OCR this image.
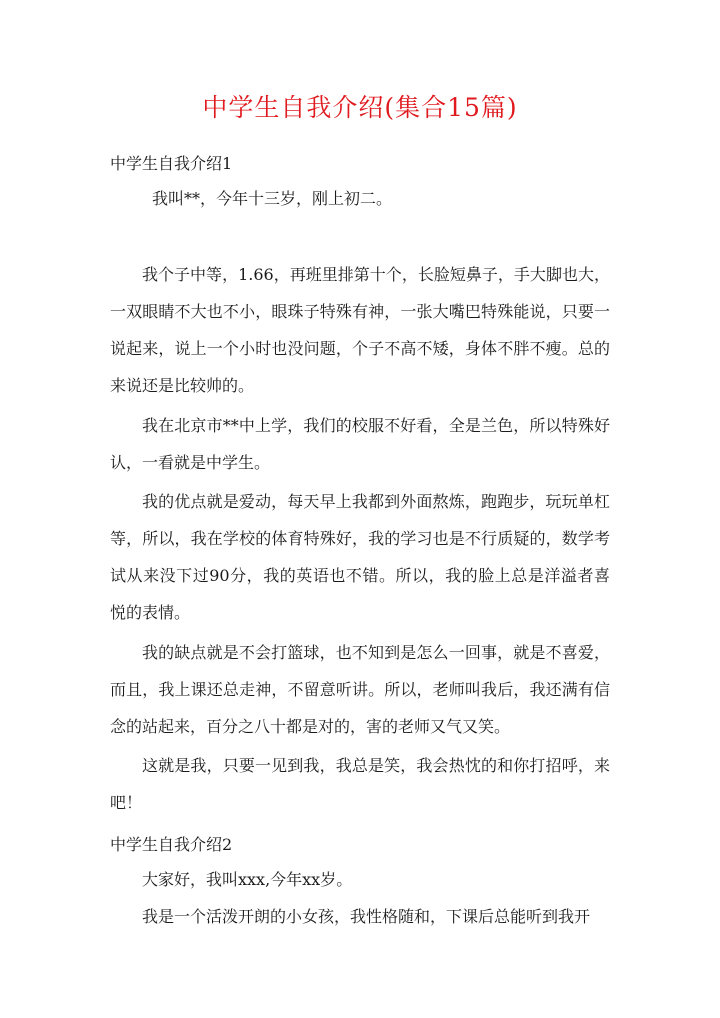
中学生自我介绍(集合15篇)
中学生自我介绍1

我叫**，今年十三岁，刚上初二。

我个子中等，1.66，再班里排第十个，长脸短鼻子，手大脚也大，一双眼睛不大也不小，眼珠子特殊有神，一张大嘴巴特殊能说，只要一说起来，说上一个小时也没问题，个子不高不矮，身体不胖不瘦。总的来说还是比较帅的。

我在北京市**中上学，我们的校服不好看，全是兰色，所以特殊好认，一看就是中学生。

我的优点就是爱动，每天早上我都到外面熬炼，跑跑步，玩玩单杠等，所以，我在学校的体育特殊好，我的学习也是不行质疑的，数学考试从来没下过90分，我的英语也不错。所以，我的脸上总是洋溢者喜悦的表情。

我的缺点就是不会打篮球，也不知到是怎么一回事，就是不喜爱，而且，我上课还总走神，不留意听讲。所以，老师叫我后，我还满有信念的站起来，百分之八十都是对的，害的老师又气又笑。

这就是我，只要一见到我，我总是笑，我会热忱的和你打招呼，来吧！

中学生自我介绍2

大家好，我叫xxx,今年xx岁。

我是一个活泼开朗的小女孩，我性格随和，下课后总能听到我开
